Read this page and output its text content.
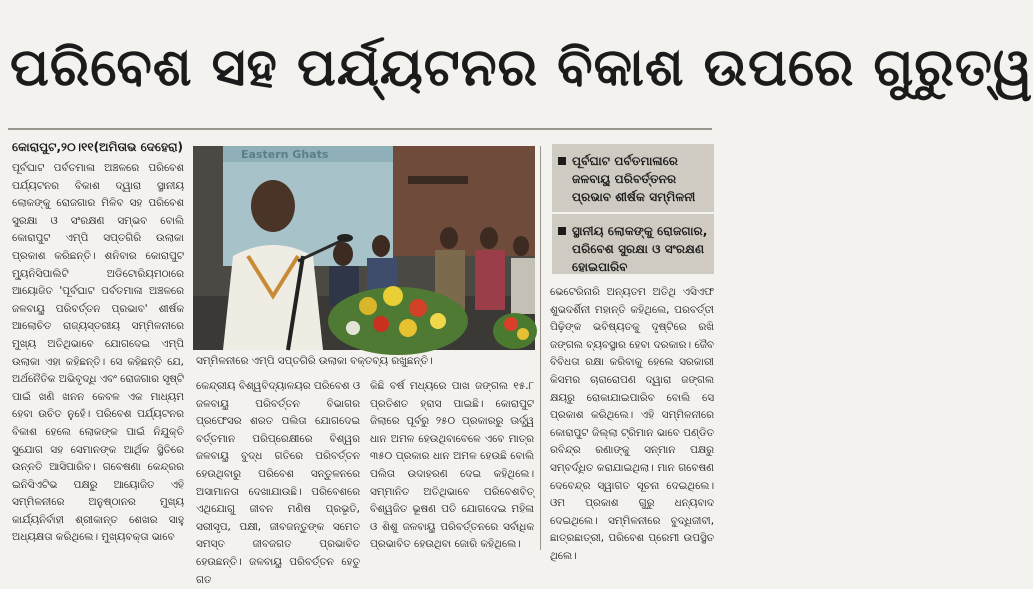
ପରିବେଶ ସହ ପର୍ଯ୍ୟଟନର ବିକାଶ ଉପରେ ଗୁରୁତ୍ୱ
କୋରାପୁଟ,୨୦।୧୧(ଅମିତାଭ ଦେହେରା)

ପୂର୍ବଘାଟ ପର୍ବତମାଳା ଅଞ୍ଚଳରେ ପରିବେଶ ପର୍ଯ୍ୟଟନର ବିକାଶ ଦ୍ୱାରା ସ୍ଥାନୀୟ ଲୋକଙ୍କୁ ରୋଜଗାର ମିଳିବ ସହ ପରିବେଶ ସୁରକ୍ଷା ଓ ସଂରକ୍ଷଣ ସମ୍ଭବ ବୋଲି କୋରାପୁଟ ଏମ୍ପି ସପ୍ତଗିରି ଉଲାକା ପ୍ରକାଶ କରିଛନ୍ତି। ଶନିବାର କୋରାପୁଟ ମ୍ୟୁନିସିପାଲିଟି ଅଡିଟୋରିୟମଠାରେ ଆୟୋଜିତ 'ପୂର୍ବଘାଟ ପର୍ବତମାଳା ଅଞ୍ଚଳରେ ଜଳବାୟୁ ପରିବର୍ତ୍ତନ ପ୍ରଭାବ' ଶୀର୍ଷକ ଆଲୋଚିତ ରାଜ୍ୟସ୍ତରୀୟ ସମ୍ମିଳନୀରେ ମୁଖ୍ୟ ଅତିଥିଭାବେ ଯୋଗଦେଇ ଏମ୍ପି ଉଲାକା ଏହା କହିଛନ୍ତି। ସେ କହିଛନ୍ତି ଯେ, ଅର୍ଥନୈତିକ ଅଭିବୃଦ୍ଧି ଏବଂ ରୋଜଗାର ସୃଷ୍ଟି ପାଇଁ ଖଣି ଖନନ କେବଳ ଏକ ମାଧ୍ୟମ ହେବା ଉଚିତ ନୁହେଁ। ପରିବେଶ ପର୍ଯ୍ୟଟନର ବିକାଶ ହେଲେ ଲୋକଙ୍କ ପାଇଁ ନିଯୁକ୍ତି ସୁଯୋଗ ସହ ସେମାନଙ୍କ ଆର୍ଥିକ ସ୍ଥିତିରେ ଉନ୍ନତି ଆସିପାରିବ। ଗବେଷଣା କେନ୍ଦ୍ରର ଇନିସିଏଟିଭ ପକ୍ଷରୁ ଆୟୋଜିତ ଏହି ସମ୍ମିଳନୀରେ ଅନୁଷ୍ଠାନର ମୁଖ୍ୟ କାର୍ଯ୍ୟନିର୍ବାହୀ ଶ୍ରୀକାନ୍ତ ଶେଖର ସାହୁ ଅଧ୍ୟକ୍ଷତା କରିଥିଲେ। ମୁଖ୍ୟବକ୍ତା ଭାବେ

Eastern Ghats
ସମ୍ମିଳନୀରେ ଏମ୍ପି ସପ୍ତଗିରି ଉଲାକା ବକ୍ତବ୍ୟ ରଖୁଛନ୍ତି।
ପୂର୍ବଘାଟ ପର୍ବତମାଳାରେ ଜଳବାୟୁ ପରିବର୍ତ୍ତନର ପ୍ରଭାବ ଶୀର୍ଷକ ସମ୍ମିଳନୀ
ସ୍ଥାନୀୟ ଲୋକଙ୍କୁ ରୋଜଗାର, ପରିବେଶ ସୁରକ୍ଷା ଓ ସଂରକ୍ଷଣ ହୋଇପାରିବ

କେନ୍ଦ୍ରୀୟ ବିଶ୍ୱବିଦ୍ୟାଳୟର ପରିବେଶ ଓ ଜଳବାୟୁ ପରିବର୍ତ୍ତନ ବିଭାଗର ପ୍ରଫେସର ଶରତ ପଲିତା ଯୋଗଦେଇ ବର୍ତ୍ତମାନ ପରିପ୍ରେକ୍ଷୀରେ ବିଶ୍ୱର ଜଳବାୟୁ ବୁଦ୍ଧ ଗତିରେ ପରିବର୍ତ୍ତନ ହେଉଥିବାରୁ ପରିବେଶ ସନ୍ତୁଳନରେ ଅସାମାନତା ଦେଖାଯାଉଛି। ପରିବେଶରେ ଏଥିଯୋଗୁ ଜୀବନ ମଣିଷ ପ୍ରଭୃତି, ସରୀସୃପ, ପକ୍ଷୀ, ଜୀବଜନ୍ତୁଙ୍କ ସମେତ ସମସ୍ତ ଜୀବଜଗତ ପ୍ରଭାବିତ ହେଉଛନ୍ତି। ଜଳବାୟୁ ପରିବର୍ତ୍ତନ ହେତୁ ଗତ

କିଛି ବର୍ଷ ମଧ୍ୟରେ ପାଖ ଜଙ୍ଗଲ ୧୫.୮ ପ୍ରତିଶତ ହ୍ରାସ ପାଇଛି। କୋରାପୁଟ ଜିଲାରେ ପୂର୍ବରୁ ୨୫୦ ପ୍ରକାରରୁ ଊର୍ଦ୍ଧ୍ୱ ଧାନ ଅମଳ ହେଉଥିବାବେଳେ ଏବେ ମାତ୍ର ୩୫୦ ପ୍ରକାର ଧାନ ଅମଳ ହେଉଛି ବୋଲି ପଲିତା ଉଦାହରଣ ଦେଇ କହିଥିଲେ। ସମ୍ମାନିତ ଅତିଥିଭାବେ ପରିବେଶବିତ୍ ବିଶ୍ୱଜିତ ଭୂଷଣ ପତି ଯୋଗଦେଇ ମହିଳା ଓ ଶିଶୁ ଜଳବାୟୁ ପରିବର୍ତ୍ତନରେ ସର୍ବାଧିକ ପ୍ରଭାବିତ ହେଉଥିବା ଜୋରି କହିଥିଲେ।

ଭେଟେରିନାରି ଅନ୍ୟତମ ଅତିଥି ଏସିଏଫ ଶୁଭଦର୍ଶିନୀ ମହାନ୍ତି କହିଥିଲେ, ପରବର୍ତ୍ତୀ ପିଢ଼ିଙ୍କ ଭବିଷ୍ୟତକୁ ଦୃଷ୍ଟିରେ ରଖି ଜଙ୍ଗଲ ବ୍ୟବସ୍ଥାର ହେବା ଦରକାର। ଜୈବ ବିବିଧତା ରକ୍ଷା କରିବାକୁ ହେଲେ ସରକାରୀ କିସମର ଚାରାରୋପଣ ଦ୍ୱାରା ଜଙ୍ଗଲ କ୍ଷୟରୁ ରୋକାଯାଇପାରିବ ବୋଲି ସେ ପ୍ରକାଶ କରିଥିଲେ। ଏହି ସମ୍ମିଳନୀରେ କୋରାପୁଟ ଜିଲ୍ଲା ଟ୍ରିମାନ ଭାବେ ପଣ୍ଡିତ ରବିନ୍ଦ୍ର ରଣାଙ୍କୁ ସନ୍ମାନ ପକ୍ଷରୁ ସମ୍ବର୍ଦ୍ଧିତ କରାଯାଇଥିଲା। ମାନ ଗବେଷଣ ଦେବେନ୍ଦ୍ର ସ୍ୱାଗତ ସୂଚନା ଦେଇଥିଲେ। ଓମ ପ୍ରକାଶ ଗୁରୁ ଧନ୍ୟବାଦ ଦେଇଥିଲେ। ସମ୍ମିଳନୀରେ ବୁଦ୍ଧିଜୀବୀ, ଛାତ୍ରଛାତ୍ରୀ, ପରିବେଶ ପ୍ରେମୀ ଉପସ୍ଥିତ ଥିଲେ।
